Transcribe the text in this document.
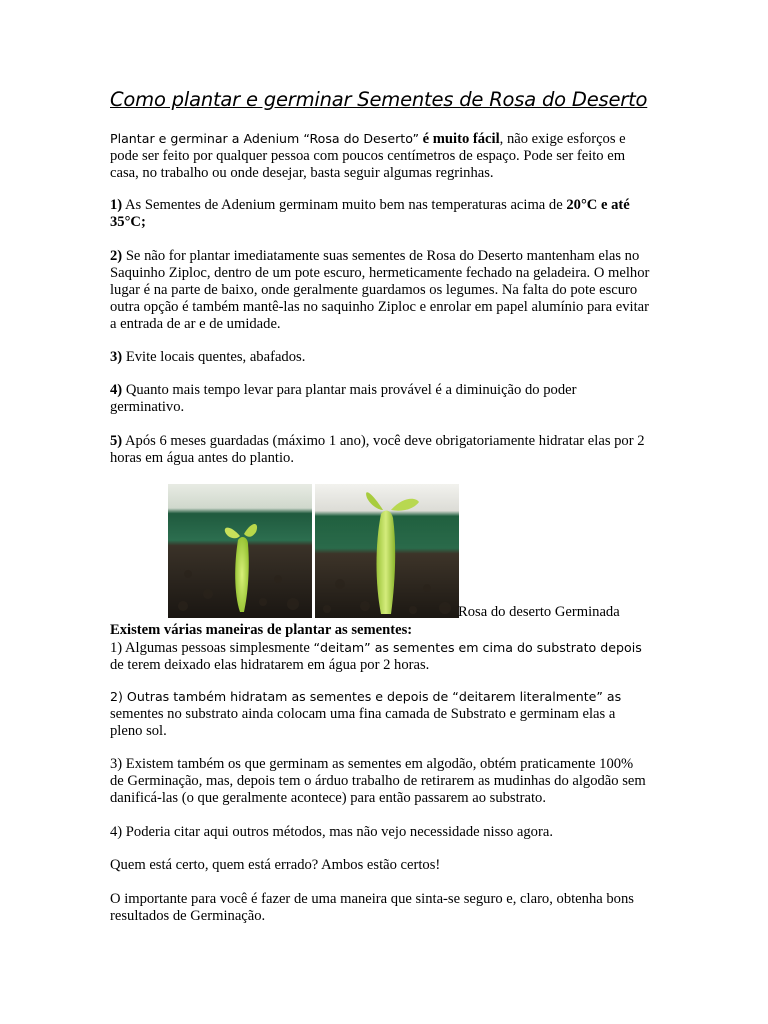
Como plantar e germinar Sementes de Rosa do Deserto

Plantar e germinar a Adenium “Rosa do Deserto” é muito fácil, não exige esforços e pode ser feito por qualquer pessoa com poucos centímetros de espaço. Pode ser feito em casa, no trabalho ou onde desejar, basta seguir algumas regrinhas.

1) As Sementes de Adenium germinam muito bem nas temperaturas acima de 20°C e até 35°C;

2) Se não for plantar imediatamente suas sementes de Rosa do Deserto mantenham elas no Saquinho Ziploc, dentro de um pote escuro, hermeticamente fechado na geladeira. O melhor lugar é na parte de baixo, onde geralmente guardamos os legumes. Na falta do pote escuro outra opção é também mantê-las no saquinho Ziploc e enrolar em papel alumínio para evitar a entrada de ar e de umidade.

3) Evite locais quentes, abafados.

4) Quanto mais tempo levar para plantar mais provável é a diminuição do poder germinativo.

5) Após 6 meses guardadas (máximo 1 ano), você deve obrigatoriamente hidratar elas por 2 horas em água antes do plantio.

Rosa do deserto Germinada

Existem várias maneiras de plantar as sementes:

1) Algumas pessoas simplesmente “deitam” as sementes em cima do substrato depois
de terem deixado elas hidratarem em água por 2 horas.

2) Outras também hidratam as sementes e depois de “deitarem literalmente” as
sementes no substrato ainda colocam uma fina camada de Substrato e germinam elas a pleno sol.

3) Existem também os que germinam as sementes em algodão, obtém praticamente 100% de Germinação, mas, depois tem o árduo trabalho de retirarem as mudinhas do algodão sem danificá-las (o que geralmente acontece) para então passarem ao substrato.

4) Poderia citar aqui outros métodos, mas não vejo necessidade nisso agora.

Quem está certo, quem está errado? Ambos estão certos!

O importante para você é fazer de uma maneira que sinta-se seguro e, claro, obtenha bons resultados de Germinação.
